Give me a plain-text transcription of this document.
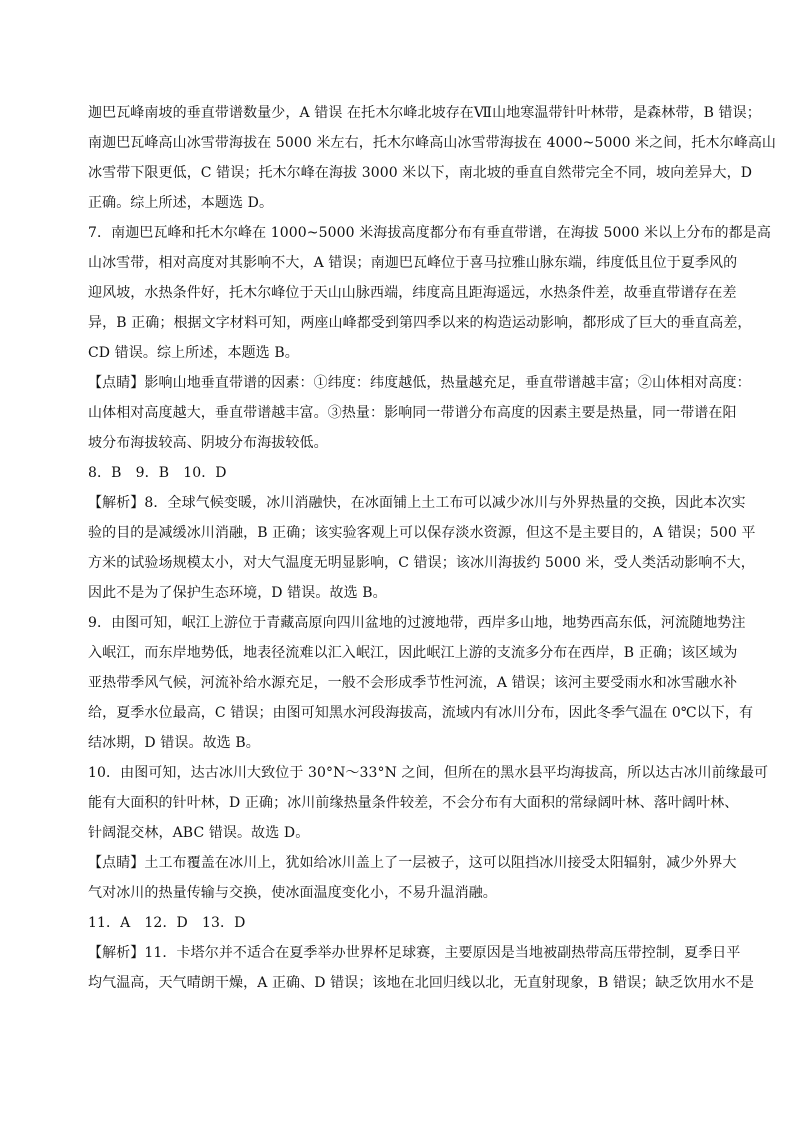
迦巴瓦峰南坡的垂直带谱数量少，A 错误 在托木尔峰北坡存在Ⅶ山地寒温带针叶林带，是森林带，B 错误；
南迦巴瓦峰高山冰雪带海拔在 5000 米左右，托木尔峰高山冰雪带海拔在 4000~5000 米之间，托木尔峰高山
冰雪带下限更低，C 错误；托木尔峰在海拔 3000 米以下，南北坡的垂直自然带完全不同，坡向差异大，D
正确。综上所述，本题选 D。

7．南迦巴瓦峰和托木尔峰在 1000~5000 米海拔高度都分布有垂直带谱，在海拔 5000 米以上分布的都是高
山冰雪带，相对高度对其影响不大，A 错误；南迦巴瓦峰位于喜马拉雅山脉东端，纬度低且位于夏季风的
迎风坡，水热条件好，托木尔峰位于天山山脉西端，纬度高且距海遥远，水热条件差，故垂直带谱存在差
异，B 正确；根据文字材料可知，两座山峰都受到第四季以来的构造运动影响，都形成了巨大的垂直高差，
CD 错误。综上所述，本题选 B。

【点睛】影响山地垂直带谱的因素：①纬度：纬度越低，热量越充足，垂直带谱越丰富；②山体相对高度：
山体相对高度越大，垂直带谱越丰富。③热量：影响同一带谱分布高度的因素主要是热量，同一带谱在阳
坡分布海拔较高、阴坡分布海拔较低。

8．B　9．B　10．D

【解析】8．全球气候变暖，冰川消融快，在冰面铺上土工布可以减少冰川与外界热量的交换，因此本次实
验的目的是减缓冰川消融，B 正确；该实验客观上可以保存淡水资源，但这不是主要目的，A 错误；500 平
方米的试验场规模太小，对大气温度无明显影响，C 错误；该冰川海拔约 5000 米，受人类活动影响不大，
因此不是为了保护生态环境，D 错误。故选 B。

9．由图可知，岷江上游位于青藏高原向四川盆地的过渡地带，西岸多山地，地势西高东低，河流随地势注
入岷江，而东岸地势低，地表径流难以汇入岷江，因此岷江上游的支流多分布在西岸，B 正确；该区域为
亚热带季风气候，河流补给水源充足，一般不会形成季节性河流，A 错误；该河主要受雨水和冰雪融水补
给，夏季水位最高，C 错误；由图可知黑水河段海拔高，流域内有冰川分布，因此冬季气温在 0℃以下，有
结冰期，D 错误。故选 B。

10．由图可知，达古冰川大致位于 30°N～33°N 之间，但所在的黑水县平均海拔高，所以达古冰川前缘最可
能有大面积的针叶林，D 正确；冰川前缘热量条件较差，不会分布有大面积的常绿阔叶林、落叶阔叶林、
针阔混交林，ABC 错误。故选 D。

【点睛】土工布覆盖在冰川上，犹如给冰川盖上了一层被子，这可以阻挡冰川接受太阳辐射，减少外界大
气对冰川的热量传输与交换，使冰面温度变化小，不易升温消融。

11．A　12．D　13．D

【解析】11．卡塔尔并不适合在夏季举办世界杯足球赛，主要原因是当地被副热带高压带控制，夏季日平
均气温高，天气晴朗干燥，A 正确、D 错误；该地在北回归线以北，无直射现象，B 错误；缺乏饮用水不是
